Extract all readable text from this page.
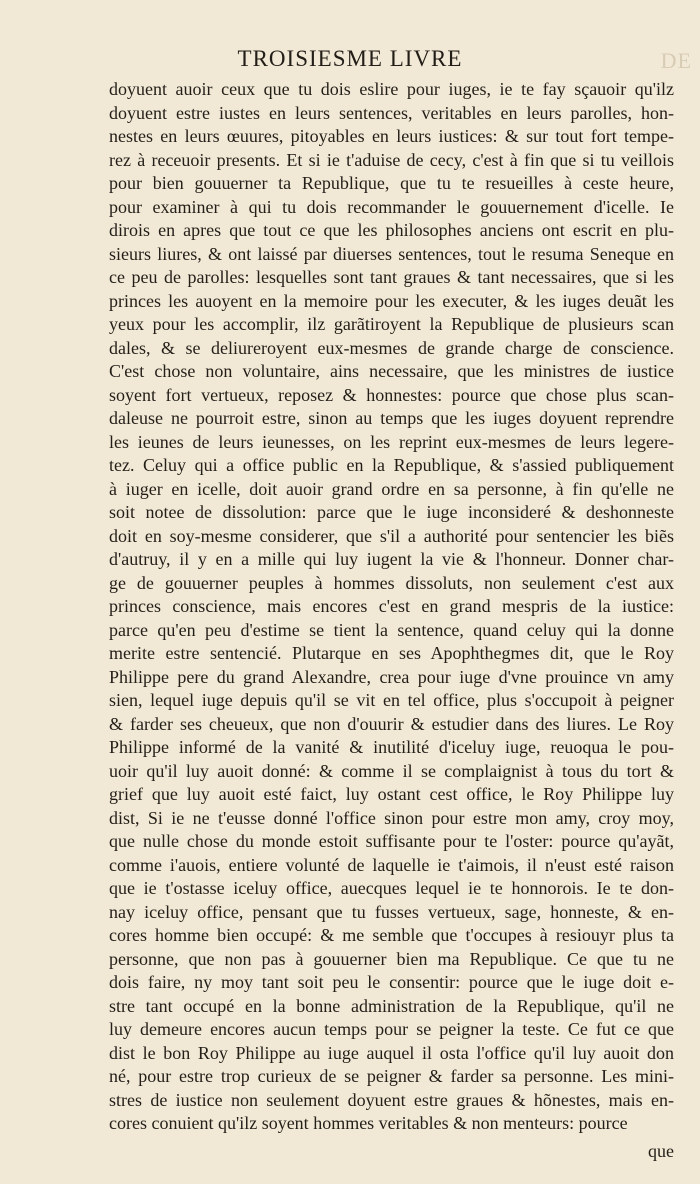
DE
TROISIESME LIVRE
doyuent auoir ceux que tu dois eslire pour iuges, ie te fay sçauoir qu'ilz
doyuent estre iustes en leurs sentences, veritables en leurs parolles, hon-
nestes en leurs œuures, pitoyables en leurs iustices: & sur tout fort tempe-
rez à receuoir presents. Et si ie t'aduise de cecy, c'est à fin que si tu veillois
pour bien gouuerner ta Republique, que tu te resueilles à ceste heure,
pour examiner à qui tu dois recommander le gouuernement d'icelle. Ie
dirois en apres que tout ce que les philosophes anciens ont escrit en plu-
sieurs liures, & ont laissé par diuerses sentences, tout le resuma Seneque en
ce peu de parolles: lesquelles sont tant graues & tant necessaires, que si les
princes les auoyent en la memoire pour les executer, & les iuges deuãt les
yeux pour les accomplir, ilz garãtiroyent la Republique de plusieurs scan
dales, & se deliureroyent eux-mesmes de grande charge de conscience.
C'est chose non voluntaire, ains necessaire, que les ministres de iustice
soyent fort vertueux, reposez & honnestes: pource que chose plus scan-
daleuse ne pourroit estre, sinon au temps que les iuges doyuent reprendre
les ieunes de leurs ieunesses, on les reprint eux-mesmes de leurs legere-
tez. Celuy qui a office public en la Republique, & s'assied publiquement
à iuger en icelle, doit auoir grand ordre en sa personne, à fin qu'elle ne
soit notee de dissolution: parce que le iuge inconsideré & deshonneste
doit en soy-mesme considerer, que s'il a authorité pour sentencier les biẽs
d'autruy, il y en a mille qui luy iugent la vie & l'honneur. Donner char-
ge de gouuerner peuples à hommes dissoluts, non seulement c'est aux
princes conscience, mais encores c'est en grand mespris de la iustice:
parce qu'en peu d'estime se tient la sentence, quand celuy qui la donne
merite estre sentencié. Plutarque en ses Apophthegmes dit, que le Roy
Philippe pere du grand Alexandre, crea pour iuge d'vne prouince vn amy
sien, lequel iuge depuis qu'il se vit en tel office, plus s'occupoit à peigner
& farder ses cheueux, que non d'ouurir & estudier dans des liures. Le Roy
Philippe informé de la vanité & inutilité d'iceluy iuge, reuoqua le pou-
uoir qu'il luy auoit donné: & comme il se complaignist à tous du tort &
grief que luy auoit esté faict, luy ostant cest office, le Roy Philippe luy
dist, Si ie ne t'eusse donné l'office sinon pour estre mon amy, croy moy,
que nulle chose du monde estoit suffisante pour te l'oster: pource qu'ayãt,
comme i'auois, entiere volunté de laquelle ie t'aimois, il n'eust esté raison
que ie t'ostasse iceluy office, auecques lequel ie te honnorois. Ie te don-
nay iceluy office, pensant que tu fusses vertueux, sage, honneste, & en-
cores homme bien occupé: & me semble que t'occupes à resiouyr plus ta
personne, que non pas à gouuerner bien ma Republique. Ce que tu ne
dois faire, ny moy tant soit peu le consentir: pource que le iuge doit e-
stre tant occupé en la bonne administration de la Republique, qu'il ne
luy demeure encores aucun temps pour se peigner la teste. Ce fut ce que
dist le bon Roy Philippe au iuge auquel il osta l'office qu'il luy auoit don
né, pour estre trop curieux de se peigner & farder sa personne. Les mini-
stres de iustice non seulement doyuent estre graues & hõnestes, mais en-
cores conuient qu'ilz soyent hommes veritables & non menteurs: pource
que
